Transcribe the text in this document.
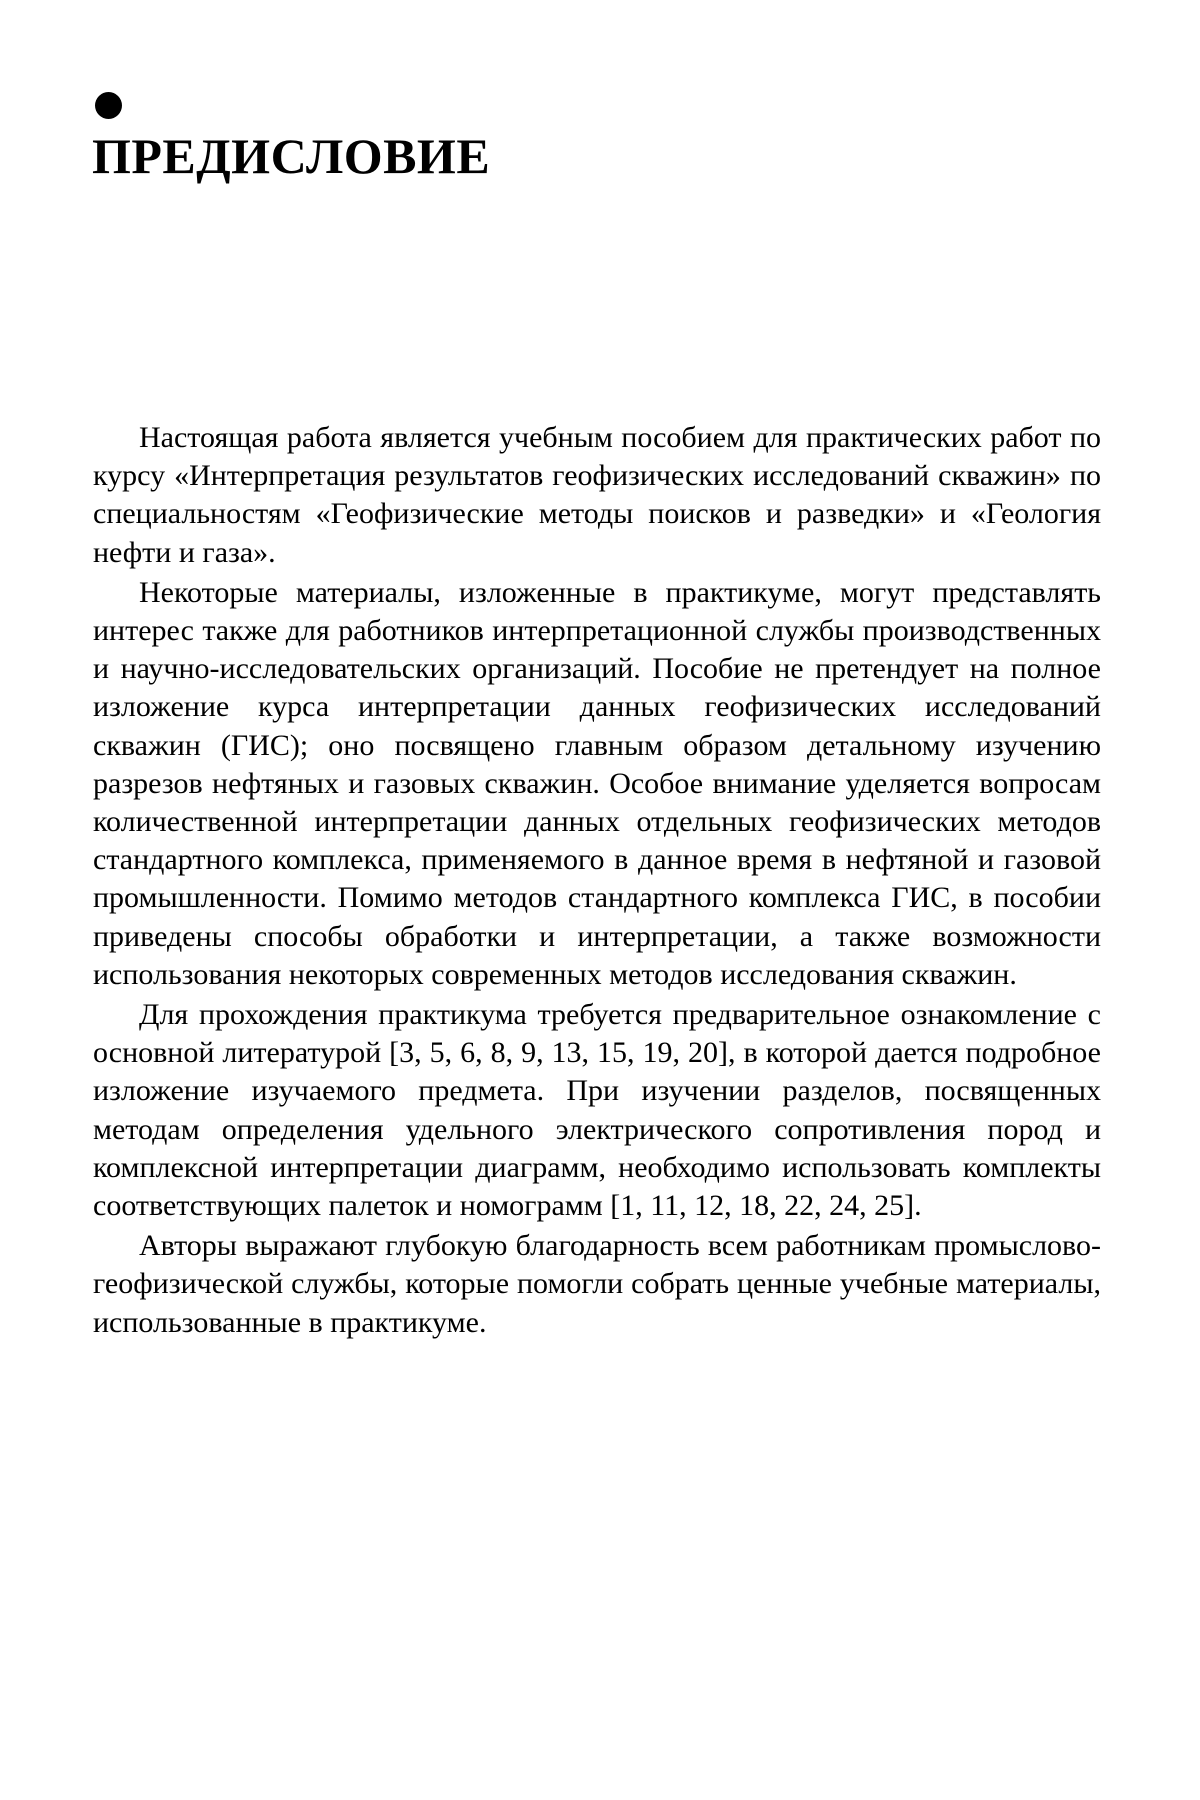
ПРЕДИСЛОВИЕ

Настоящая работа является учебным пособием для практических работ по курсу «Интерпретация результатов геофизических исследований скважин» по специальностям «Геофизические методы поисков и разведки» и «Геология нефти и газа».

Некоторые материалы, изложенные в практикуме, могут представлять интерес также для работников интерпретационной службы производственных и научно-исследовательских организаций. Пособие не претендует на полное изложение курса интерпретации данных геофизических исследований скважин (ГИС); оно посвящено главным образом детальному изучению разрезов нефтяных и газовых скважин. Особое внимание уделяется вопросам количественной интерпретации данных отдельных геофизических методов стандартного комплекса, применяемого в данное время в нефтяной и газовой промышленности. Помимо методов стандартного комплекса ГИС, в пособии приведены способы обработки и интерпретации, а также возможности использования некоторых современных методов исследования скважин.

Для прохождения практикума требуется предварительное ознакомление с основной литературой [3, 5, 6, 8, 9, 13, 15, 19, 20], в которой дается подробное изложение изучаемого предмета. При изучении разделов, посвященных методам определения удельного электрического сопротивления пород и комплексной интерпретации диаграмм, необходимо использовать комплекты соответствующих палеток и номограмм [1, 11, 12, 18, 22, 24, 25].

Авторы выражают глубокую благодарность всем работникам промыслово-геофизической службы, которые помогли собрать ценные учебные материалы, использованные в практикуме.
